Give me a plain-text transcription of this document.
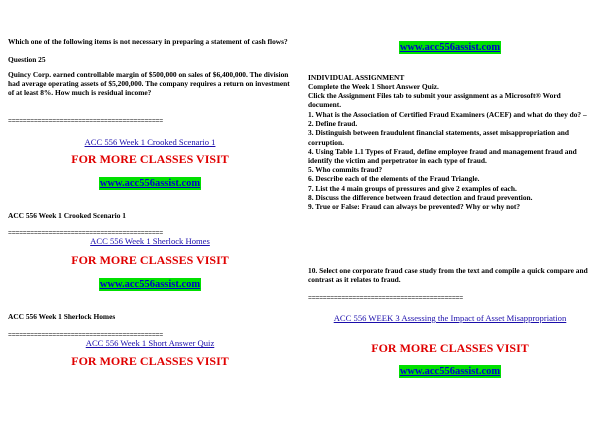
Which one of the following items is not necessary in preparing a statement of cash flows?
Question 25
Quincy Corp. earned controllable margin of $500,000 on sales of $6,400,000. The division had average operating assets of $5,200,000. The company requires a return on investment of at least 8%. How much is residual income?
==========================================
ACC 556 Week 1 Crooked Scenario 1
FOR MORE CLASSES VISIT
www.acc556assist.com
ACC 556 Week 1 Crooked Scenario 1
==========================================
ACC 556 Week 1 Sherlock Homes
FOR MORE CLASSES VISIT
www.acc556assist.com
ACC 556 Week 1 Sherlock Homes
==========================================
ACC 556 Week 1 Short Answer Quiz
FOR MORE CLASSES VISIT
www.acc556assist.com
INDIVIDUAL ASSIGNMENT
Complete the Week 1 Short Answer Quiz.
Click the Assignment Files tab to submit your assignment as a Microsoft® Word document.
1. What is the Association of Certified Fraud Examiners (ACEF) and what do they do? –
2. Define fraud.
3. Distinguish between fraudulent financial statements, asset misappropriation and corruption.
4. Using Table 1.1 Types of Fraud, define employee fraud and management fraud and identify the victim and perpetrator in each type of fraud.
5. Who commits fraud?
6. Describe each of the elements of the Fraud Triangle.
7. List the 4 main groups of pressures and give 2 examples of each.
8. Discuss the difference between fraud detection and fraud prevention.
9. True or False: Fraud can always be prevented? Why or why not?
10. Select one corporate fraud case study from the text and compile a quick compare and contrast as it relates to fraud.
==========================================
ACC 556 WEEK 3 Assessing the Impact of Asset Misappropriation
FOR MORE CLASSES VISIT
www.acc556assist.com
